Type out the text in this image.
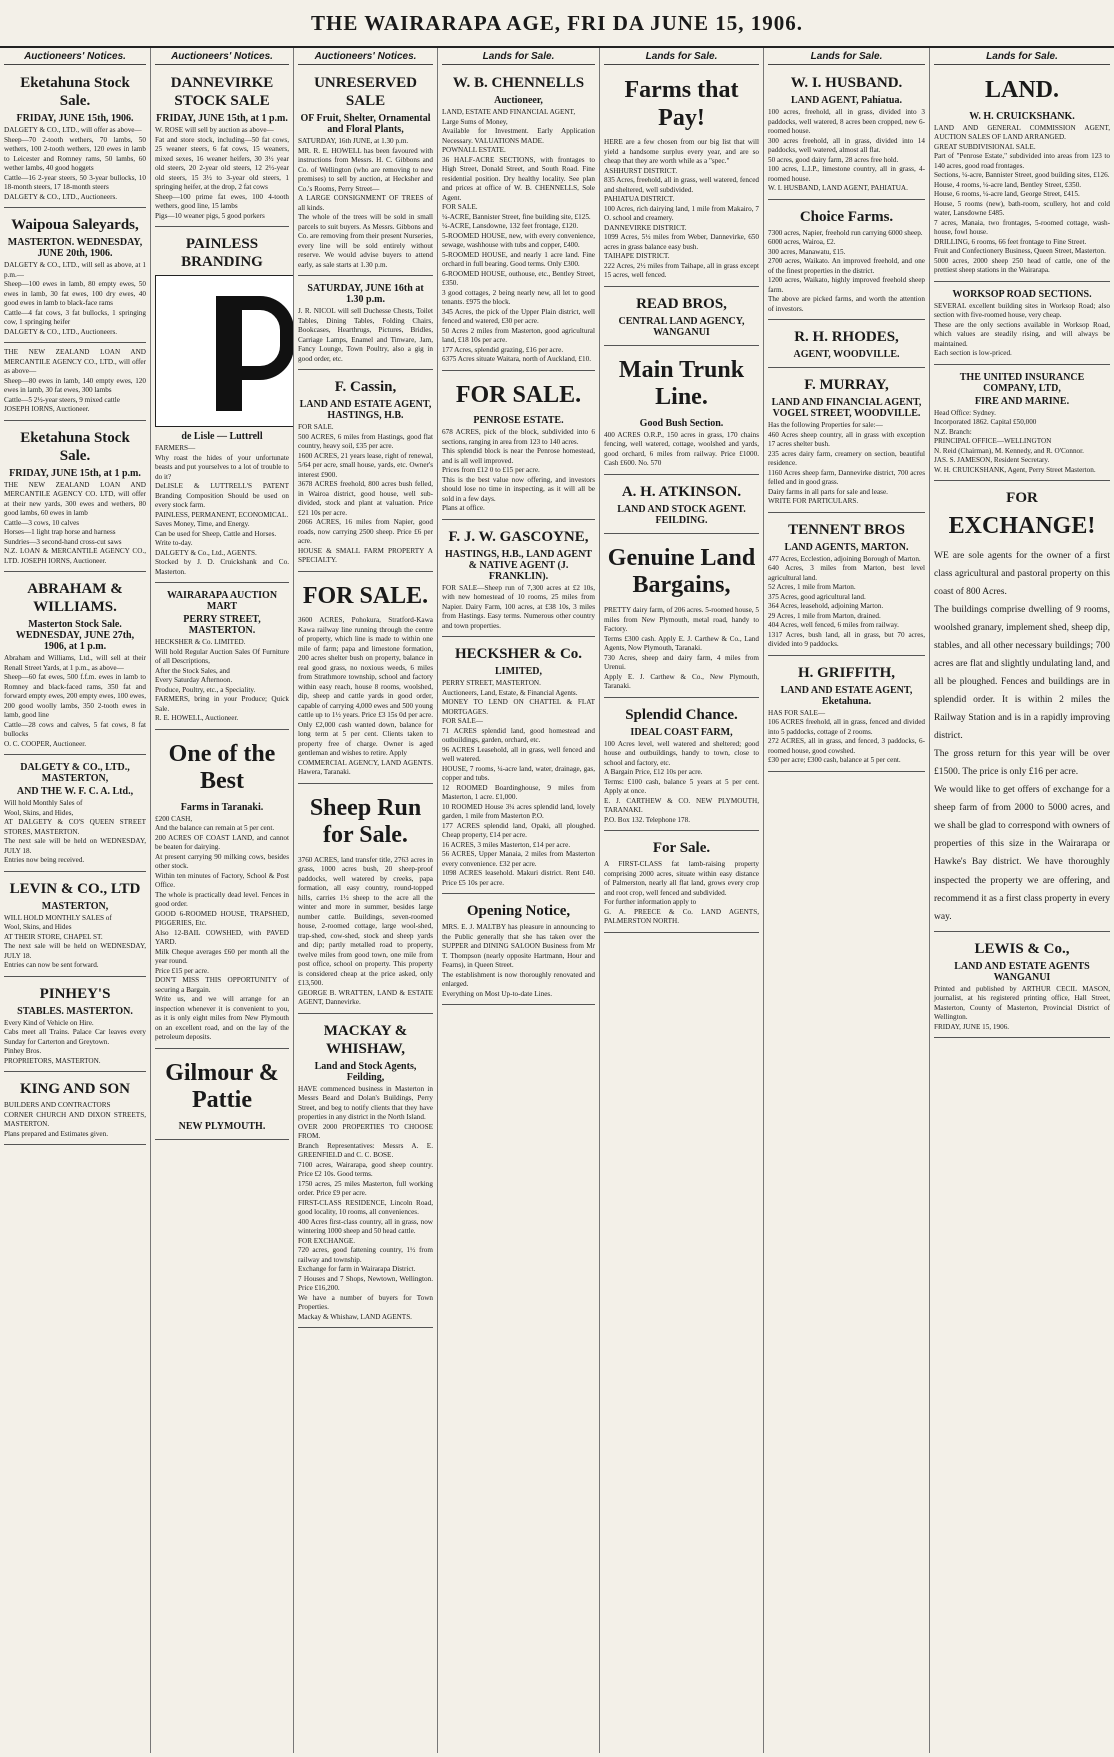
THE WAIRARAPA AGE, FRI DA JUNE 15, 1906.
Auctioneers' Notices.
Eketahuna Stock Sale.
FRIDAY, JUNE 15th, 1906.
DALGETY & CO., LTD., will offer as above—
Sheep—70 2-tooth wethers, 70 lambs, 50 wethers, 100 2-tooth wethers, 120 ewes in lamb to Leicester and Romney rams, 50 lambs, 60 wether lambs, 40 good hoggets
Cattle—16 2-year steers, 50 3-year bullocks, 10 18-month steers, 17 18-month steers
DALGETY & CO., LTD., Auctioneers.
Waipoua Saleyards,
MASTERTON. WEDNESDAY, JUNE 20th, 1906.
DALGETY & CO., LTD., will sell as above, at 1 p.m.—
Sheep—100 ewes in lamb, 80 empty ewes, 50 ewes in lamb, 30 fat ewes, 100 dry ewes, 40 good ewes in lamb to black-face rams
Cattle—4 fat cows, 3 fat bullocks, 1 springing cow, 1 springing heifer
DALGETY & CO., LTD., Auctioneers.
THE NEW ZEALAND LOAN AND MERCANTILE AGENCY CO., LTD., will offer as above—
Sheep—80 ewes in lamb, 140 empty ewes, 120 ewes in lamb, 30 fat ewes, 300 lambs
Cattle—5 2½-year steers, 9 mixed cattle
JOSEPH IORNS, Auctioneer.
Eketahuna Stock Sale.
FRIDAY, JUNE 15th, at 1 p.m.
THE NEW ZEALAND LOAN AND MERCANTILE AGENCY CO. LTD, will offer at their new yards, 300 ewes and wethers, 80 good lambs, 60 ewes in lamb
Cattle—3 cows, 10 calves
Horses—1 light trap horse and harness
Sundries—3 second-hand cross-cut saws
N.Z. LOAN & MERCANTILE AGENCY CO., LTD. JOSEPH IORNS, Auctioneer.
ABRAHAM & WILLIAMS.
Masterton Stock Sale. WEDNESDAY, JUNE 27th, 1906, at 1 p.m.
Abraham and Williams, Ltd., will sell at their Renall Street Yards, at 1 p.m., as above—
Sheep—60 fat ewes, 500 f.f.m. ewes in lamb to Romney and black-faced rams, 350 fat and forward empty ewes, 200 empty ewes, 100 ewes, 200 good woolly lambs, 350 2-tooth ewes in lamb, good line
Cattle—28 cows and calves, 5 fat cows, 8 fat bullocks
O. C. COOPER, Auctioneer.
DALGETY & CO., LTD., MASTERTON,
AND THE W. F. C. A. Ltd.,
Will hold Monthly Sales of
Wool, Skins, and Hides,
AT DALGETY & CO'S QUEEN STREET STORES, MASTERTON.
The next sale will be held on WEDNESDAY, JULY 18.
Entries now being received.
LEVIN & CO., LTD
MASTERTON,
WILL HOLD MONTHLY SALES of
Wool, Skins, and Hides
AT THEIR STORE, CHAPEL ST.
The next sale will be held on WEDNESDAY, JULY 18.
Entries can now be sent forward.
PINHEY'S
STABLES. MASTERTON.
Every Kind of Vehicle on Hire.
Cabs meet all Trains. Palace Car leaves every Sunday for Carterton and Greytown.
Pinhey Bros.
PROPRIETORS, MASTERTON.
KING AND SON
BUILDERS AND CONTRACTORS
CORNER CHURCH AND DIXON STREETS, MASTERTON.
Plans prepared and Estimates given.
Auctioneers' Notices.
DANNEVIRKE STOCK SALE
FRIDAY, JUNE 15th, at 1 p.m.
W. ROSE will sell by auction as above—
Fat and store stock, including—50 fat cows, 25 weaner steers, 6 fat cows, 15 weaners, mixed sexes, 16 weaner heifers, 30 3½ year old steers, 20 2-year old steers, 12 2½-year old steers, 15 3½ to 3-year old steers, 1 springing heifer, at the drop, 2 fat cows
Sheep—100 prime fat ewes, 100 4-tooth wethers, good line, 15 lambs
Pigs—10 weaner pigs, 5 good porkers
PAINLESS BRANDING
de Lisle — Luttrell
FARMERS—
Why roast the hides of your unfortunate beasts and put yourselves to a lot of trouble to do it?
DeLISLE & LUTTRELL'S PATENT Branding Composition Should be used on every stock farm.
PAINLESS, PERMANENT, ECONOMICAL.
Saves Money, Time, and Energy.
Can be used for Sheep, Cattle and Horses.
Write to-day.
DALGETY & Co., Ltd., AGENTS.
Stocked by J. D. Cruickshank and Co. Masterton.
WAIRARAPA AUCTION MART
PERRY STREET, MASTERTON.
HECKSHER & Co. LIMITED.
Will hold Regular Auction Sales Of Furniture of all Descriptions,
After the Stock Sales, and
Every Saturday Afternoon.
Produce, Poultry, etc., a Speciality.
FARMERS, bring in your Produce; Quick Sale.
R. E. HOWELL, Auctioneer.
One of the Best
Farms in Taranaki.
£200 CASH,
And the balance can remain at 5 per cent.
200 ACRES OF COAST LAND, and cannot be beaten for dairying.
At present carrying 90 milking cows, besides other stock.
Within ten minutes of Factory, School & Post Office.
The whole is practically dead level. Fences in good order.
GOOD 6-ROOMED HOUSE, TRAPSHED, PIGGERIES, Etc.
Also 12-BAIL COWSHED, with PAVED YARD.
Milk Cheque averages £60 per month all the year round.
Price £15 per acre.
DON'T MISS THIS OPPORTUNITY of securing a Bargain.
Write us, and we will arrange for an inspection whenever it is convenient to you, as it is only eight miles from New Plymouth on an excellent road, and on the lay of the petroleum deposits.
Gilmour & Pattie
NEW PLYMOUTH.
Auctioneers' Notices.
UNRESERVED SALE
OF Fruit, Shelter, Ornamental and Floral Plants,
SATURDAY, 16th JUNE, at 1.30 p.m.
MR. R. E. HOWELL has been favoured with instructions from Messrs. H. C. Gibbons and Co. of Wellington (who are removing to new premises) to sell by auction, at Hecksher and Co.'s Rooms, Perry Street—
A LARGE CONSIGNMENT OF TREES of all kinds.
The whole of the trees will be sold in small parcels to suit buyers. As Messrs. Gibbons and Co. are removing from their present Nurseries, every line will be sold entirely without reserve. We would advise buyers to attend early, as sale starts at 1.30 p.m.
SATURDAY, JUNE 16th at 1.30 p.m.
J. R. NICOL will sell Duchesse Chests, Toilet Tables, Dining Tables, Folding Chairs, Bookcases, Hearthrugs, Pictures, Bridles, Carriage Lamps, Enamel and Tinware, Jam, Fancy Lounge, Town Poultry, also a gig in good order, etc.
F. Cassin,
LAND AND ESTATE AGENT, HASTINGS, H.B.
FOR SALE.
500 ACRES, 6 miles from Hastings, good flat country, heavy soil, £35 per acre.
1600 ACRES, 21 years lease, right of renewal, 5/64 per acre, small house, yards, etc. Owner's interest £900.
3678 ACRES freehold, 800 acres bush felled, in Wairoa district, good house, well sub-divided, stock and plant at valuation. Price £21 10s per acre.
2066 ACRES, 16 miles from Napier, good roads, now carrying 2500 sheep. Price £6 per acre.
HOUSE & SMALL FARM PROPERTY A SPECIALTY.
FOR SALE.
3600 ACRES, Pohokura, Stratford-Kawa Kawa railway line running through the centre of property, which line is made to within one mile of farm; papa and limestone formation, 200 acres shelter bush on property, balance in real good grass, no noxious weeds, 6 miles from Strathmore township, school and factory within easy reach, house 8 rooms, woolshed, dip, sheep and cattle yards in good order, capable of carrying 4,000 ewes and 500 young cattle up to 1½ years. Price £3 15s 0d per acre. Only £2,000 cash wanted down, balance for long term at 5 per cent. Clients taken to property free of charge. Owner is aged gentleman and wishes to retire. Apply
COMMERCIAL AGENCY, LAND AGENTS. Hawera, Taranaki.
Sheep Run for Sale.
3760 ACRES, land transfer title, 2763 acres in grass, 1000 acres bush, 20 sheep-proof paddocks, well watered by creeks, papa formation, all easy country, round-topped hills, carries 1½ sheep to the acre all the winter and more in summer, besides large number cattle. Buildings, seven-roomed house, 2-roomed cottage, large wool-shed, trap-shed, cow-shed, stock and sheep yards and dip; partly metalled road to property, twelve miles from good town, one mile from post office, school on property. This property is considered cheap at the price asked, only £13,500.
GEORGE B. WRATTEN, LAND & ESTATE AGENT, Dannevirke.
MACKAY & WHISHAW,
Land and Stock Agents, Feilding,
HAVE commenced business in Masterton in Messrs Beard and Dolan's Buildings, Perry Street, and beg to notify clients that they have properties in any district in the North Island.
OVER 2000 PROPERTIES TO CHOOSE FROM.
Branch Representatives: Messrs A. E. GREENFIELD and C. C. BOSE.
7100 acres, Wairarapa, good sheep country. Price £2 10s. Good terms.
1750 acres, 25 miles Masterton, full working order. Price £9 per acre.
FIRST-CLASS RESIDENCE, Lincoln Road, good locality, 10 rooms, all conveniences.
400 Acres first-class country, all in grass, now wintering 1000 sheep and 50 head cattle.
FOR EXCHANGE.
720 acres, good fattening country, 1½ from railway and township.
Exchange for farm in Wairarapa District.
7 Houses and 7 Shops, Newtown, Wellington. Price £16,200.
We have a number of buyers for Town Properties.
Mackay & Whishaw, LAND AGENTS.
Lands for Sale.
W. B. CHENNELLS
Auctioneer,
LAND, ESTATE AND FINANCIAL AGENT,
Large Sums of Money,
Available for Investment. Early Application Necessary. VALUATIONS MADE.
POWNALL ESTATE.
36 HALF-ACRE SECTIONS, with frontages to High Street, Donald Street, and South Road. Fine residential position. Dry healthy locality. See plan and prices at office of W. B. CHENNELLS, Sole Agent.
FOR SALE.
¼-ACRE, Bannister Street, fine building site, £125.
¼-ACRE, Lansdowne, 132 feet frontage, £120.
5-ROOMED HOUSE, new, with every convenience, sewage, washhouse with tubs and copper, £400.
5-ROOMED HOUSE, and nearly 1 acre land. Fine orchard in full bearing. Good terms. Only £300.
6-ROOMED HOUSE, outhouse, etc., Bentley Street, £350.
3 good cottages, 2 being nearly new, all let to good tenants. £975 the block.
345 Acres, the pick of the Upper Plain district, well fenced and watered, £30 per acre.
50 Acres 2 miles from Masterton, good agricultural land, £18 10s per acre.
177 Acres, splendid grazing, £16 per acre.
6375 Acres situate Waitara, north of Auckland, £10.
FOR SALE.
PENROSE ESTATE.
678 ACRES, pick of the block, subdivided into 6 sections, ranging in area from 123 to 140 acres.
This splendid block is near the Penrose homestead, and is all well improved.
Prices from £12 0 to £15 per acre.
This is the best value now offering, and investors should lose no time in inspecting, as it will all be sold in a few days.
Plans at office.
F. J. W. GASCOYNE,
HASTINGS, H.B., LAND AGENT & NATIVE AGENT (J. FRANKLIN).
FOR SALE—Sheep run of 7,300 acres at £2 10s, with new homestead of 10 rooms, 25 miles from Napier. Dairy Farm, 100 acres, at £38 10s, 3 miles from Hastings. Easy terms. Numerous other country and town properties.
HECKSHER & Co.
LIMITED,
PERRY STREET, MASTERTON.
Auctioneers, Land, Estate, & Financial Agents.
MONEY TO LEND ON CHATTEL & FLAT MORTGAGES.
FOR SALE—
71 ACRES splendid land, good homestead and outbuildings, garden, orchard, etc.
96 ACRES Leasehold, all in grass, well fenced and well watered.
HOUSE, 7 rooms, ¼-acre land, water, drainage, gas, copper and tubs.
12 ROOMED Boardinghouse, 9 miles from Masterton, 1 acre. £1,000.
10 ROOMED House 3¼ acres splendid land, lovely garden, 1 mile from Masterton P.O.
177 ACRES splendid land, Opaki, all ploughed. Cheap property, £14 per acre.
16 ACRES, 3 miles Masterton, £14 per acre.
56 ACRES, Upper Manaia, 2 miles from Masterton every convenience. £32 per acre.
1098 ACRES leasehold. Makuri district. Rent £40. Price £5 10s per acre.
Opening Notice,
MRS. E. J. MALTBY has pleasure in announcing to the Public generally that she has taken over the SUPPER and DINING SALOON Business from Mr T. Thompson (nearly opposite Hartmann, Hour and Fearns), in Queen Street.
The establishment is now thoroughly renovated and enlarged.
Everything on Most Up-to-date Lines.
Lands for Sale.
Farms that Pay!
HERE are a few chosen from our big list that will yield a handsome surplus every year, and are so cheap that they are worth while as a "spec."
ASHHURST DISTRICT.
835 Acres, freehold, all in grass, well watered, fenced and sheltered, well subdivided.
PAHIATUA DISTRICT.
100 Acres, rich dairying land, 1 mile from Makairo, 7 O. school and creamery.
DANNEVIRKE DISTRICT.
1099 Acres, 5½ miles from Weber, Dannevirke, 650 acres in grass balance easy bush.
TAIHAPE DISTRICT.
222 Acres, 2½ miles from Taihape, all in grass except 15 acres, well fenced.
READ BROS,
CENTRAL LAND AGENCY, WANGANUI
Main Trunk Line.
Good Bush Section.
400 ACRES O.R.P., 150 acres in grass, 170 chains fencing, well watered, cottage, woolshed and yards, good orchard, 6 miles from railway. Price £1000. Cash £600. No. 570
A. H. ATKINSON.
LAND AND STOCK AGENT. FEILDING.
Genuine Land Bargains,
PRETTY dairy farm, of 206 acres. 5-roomed house, 5 miles from New Plymouth, metal road, handy to Factory.
Terms £300 cash. Apply E. J. Carthew & Co., Land Agents, Now Plymouth, Taranaki.
730 Acres, sheep and dairy farm, 4 miles from Urenui.
Apply E. J. Carthew & Co., New Plymouth, Taranaki.
Splendid Chance.
IDEAL COAST FARM,
100 Acres level, well watered and sheltered; good house and outbuildings, handy to town, close to school and factory, etc.
A Bargain Price, £12 10s per acre.
Terms: £100 cash, balance 5 years at 5 per cent. Apply at once.
E. J. CARTHEW & CO. NEW PLYMOUTH, TARANAKI.
P.O. Box 132. Telephone 178.
For Sale.
A FIRST-CLASS fat lamb-raising property comprising 2000 acres, situate within easy distance of Palmerston, nearly all flat land, grows every crop and root crop, well fenced and subdivided.
For further information apply to
G. A. PREECE & Co. LAND AGENTS, PALMERSTON NORTH.
Lands for Sale.
W. I. HUSBAND.
LAND AGENT, Pahiatua.
100 acres, freehold, all in grass, divided into 3 paddocks, well watered, 8 acres been cropped, new 6-roomed house.
300 acres freehold, all in grass, divided into 14 paddocks, well watered, almost all flat.
50 acres, good dairy farm, 28 acres free hold.
100 acres, L.I.P., limestone country, all in grass, 4-roomed house.
W. I. HUSBAND, LAND AGENT, PAHIATUA.
Choice Farms.
7300 acres, Napier, freehold run carrying 6000 sheep.
6000 acres, Wairoa, £2.
300 acres, Manawatu, £15.
2700 acres, Waikato. An improved freehold, and one of the finest properties in the district.
1200 acres, Waikato, highly improved freehold sheep farm.
The above are picked farms, and worth the attention of investors.
R. H. RHODES,
AGENT, WOODVILLE.
F. MURRAY,
LAND AND FINANCIAL AGENT, VOGEL STREET, WOODVILLE.
Has the following Properties for sale:—
460 Acres sheep country, all in grass with exception 17 acres shelter bush.
235 acres dairy farm, creamery on section, beautiful residence.
1160 Acres sheep farm, Dannevirke district, 700 acres felled and in good grass.
Dairy farms in all parts for sale and lease.
WRITE FOR PARTICULARS.
TENNENT BROS
LAND AGENTS, MARTON.
477 Acres, Ecclestion, adjoining Borough of Marton.
640 Acres, 3 miles from Marton, best level agricultural land.
52 Acres, 1 mile from Marton.
375 Acres, good agricultural land.
364 Acres, leasehold, adjoining Marton.
29 Acres, 1 mile from Marton, drained.
404 Acres, well fenced, 6 miles from railway.
1317 Acres, bush land, all in grass, but 70 acres, divided into 9 paddocks.
H. GRIFFITH,
LAND AND ESTATE AGENT, Eketahuna.
HAS FOR SALE—
106 ACRES freehold, all in grass, fenced and divided into 5 paddocks, cottage of 2 rooms.
272 ACRES, all in grass, and fenced, 3 paddocks, 6-roomed house, good cowshed.
£30 per acre; £300 cash, balance at 5 per cent.
Lands for Sale.
LAND.
W. H. CRUICKSHANK.
LAND AND GENERAL COMMISSION AGENT, AUCTION SALES OF LAND ARRANGED.
GREAT SUBDIVISIONAL SALE.
Part of "Penrose Estate," subdivided into areas from 123 to 140 acres, good road frontages.
Sections, ¼-acre, Bannister Street, good building sites, £126.
House, 4 rooms, ¼-acre land, Bentley Street, £350.
House, 6 rooms, ¼-acre land, George Street, £415.
House, 5 rooms (new), bath-room, scullery, hot and cold water, Lansdowne £485.
7 acres, Manaia, two frontages, 5-roomed cottage, wash-house, fowl house.
DRILLING, 6 rooms, 66 feet frontage to Fine Street.
Fruit and Confectionery Business, Queen Street, Masterton.
5000 acres, 2000 sheep 250 head of cattle, one of the prettiest sheep stations in the Wairarapa.
WORKSOP ROAD SECTIONS.
SEVERAL excellent building sites in Worksop Road; also section with five-roomed house, very cheap.
These are the only sections available in Worksop Road, which values are steadily rising, and will always be maintained.
Each section is low-priced.
THE UNITED INSURANCE COMPANY, LTD,
FIRE AND MARINE.
Head Office: Sydney.
Incorporated 1862. Capital £50,000
N.Z. Branch:
PRINCIPAL OFFICE—WELLINGTON
N. Reid (Chairman), M. Kennedy, and R. O'Connor.
JAS. S. JAMESON, Resident Secretary.
W. H. CRUICKSHANK, Agent, Perry Street Masterton.
FOR
EXCHANGE!
WE are sole agents for the owner of a first class agricultural and pastoral property on this coast of 800 Acres.
The buildings comprise dwelling of 9 rooms, woolshed granary, implement shed, sheep dip, stables, and all other necessary buildings; 700 acres are flat and slightly undulating land, and all be ploughed. Fences and buildings are in splendid order. It is within 2 miles the Railway Station and is in a rapidly improving district.
The gross return for this year will be over £1500. The price is only £16 per acre.
We would like to get offers of exchange for a sheep farm of from 2000 to 5000 acres, and we shall be glad to correspond with owners of properties of this size in the Wairarapa or Hawke's Bay district. We have thoroughly inspected the property we are offering, and recommend it as a first class property in every way.
LEWIS & Co.,
LAND AND ESTATE AGENTS WANGANUI
Printed and published by ARTHUR CECIL MASON, journalist, at his registered printing office, Hall Street, Masterton, County of Masterton, Provincial District of Wellington.
FRIDAY, JUNE 15, 1906.
